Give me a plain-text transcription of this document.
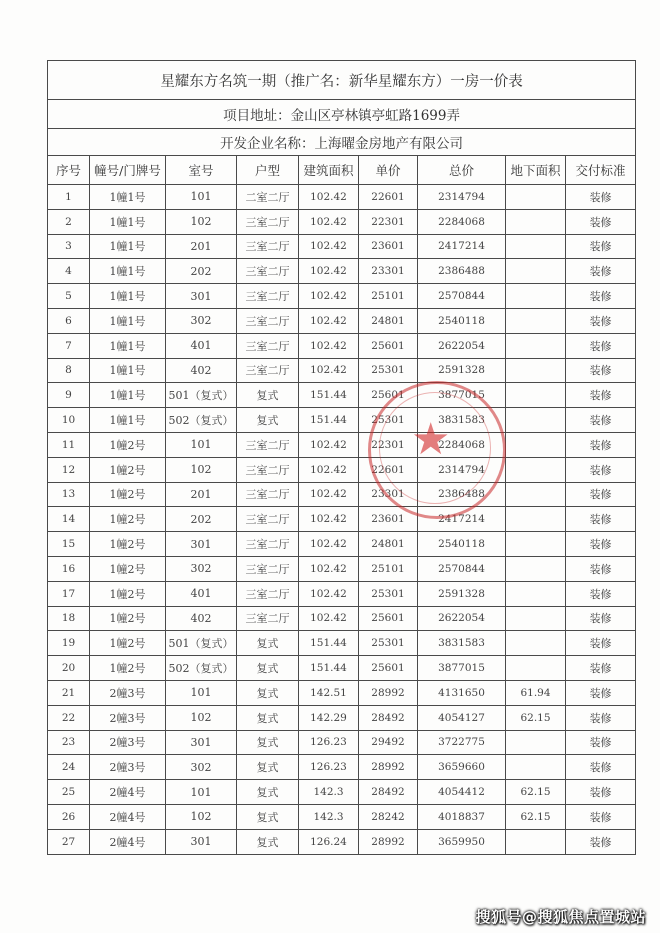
星耀东方名筑一期（推广名：新华星耀东方）一房一价表								
项目地址：金山区亭林镇亭虹路1699弄								
开发企业名称：上海曜金房地产有限公司								
序号	幢号/门牌号	室号	户型	建筑面积	单价	总价	地下面积	交付标准
1	1幢1号	101	二室二厅	102.42	22601	2314794		装修
2	1幢1号	102	三室二厅	102.42	22301	2284068		装修
3	1幢1号	201	三室二厅	102.42	23601	2417214		装修
4	1幢1号	202	三室二厅	102.42	23301	2386488		装修
5	1幢1号	301	三室二厅	102.42	25101	2570844		装修
6	1幢1号	302	三室二厅	102.42	24801	2540118		装修
7	1幢1号	401	三室二厅	102.42	25601	2622054		装修
8	1幢1号	402	三室二厅	102.42	25301	2591328		装修
9	1幢1号	501（复式）	复式	151.44	25601	3877015		装修
10	1幢1号	502（复式）	复式	151.44	25301	3831583		装修
11	1幢2号	101	三室二厅	102.42	22301	2284068		装修
12	1幢2号	102	三室二厅	102.42	22601	2314794		装修
13	1幢2号	201	三室二厅	102.42	23301	2386488		装修
14	1幢2号	202	三室二厅	102.42	23601	2417214		装修
15	1幢2号	301	三室二厅	102.42	24801	2540118		装修
16	1幢2号	302	三室二厅	102.42	25101	2570844		装修
17	1幢2号	401	三室二厅	102.42	25301	2591328		装修
18	1幢2号	402	三室二厅	102.42	25601	2622054		装修
19	1幢2号	501（复式）	复式	151.44	25301	3831583		装修
20	1幢2号	502（复式）	复式	151.44	25601	3877015		装修
21	2幢3号	101	复式	142.51	28992	4131650	61.94	装修
22	2幢3号	102	复式	142.29	28492	4054127	62.15	装修
23	2幢3号	301	复式	126.23	29492	3722775		装修
24	2幢3号	302	复式	126.23	28992	3659660		装修
25	2幢4号	101	复式	142.3	28492	4054412	62.15	装修
26	2幢4号	102	复式	142.3	28242	4018837	62.15	装修
27	2幢4号	301	复式	126.24	28992	3659950		装修
★
搜狐号@搜狐焦点置城站
